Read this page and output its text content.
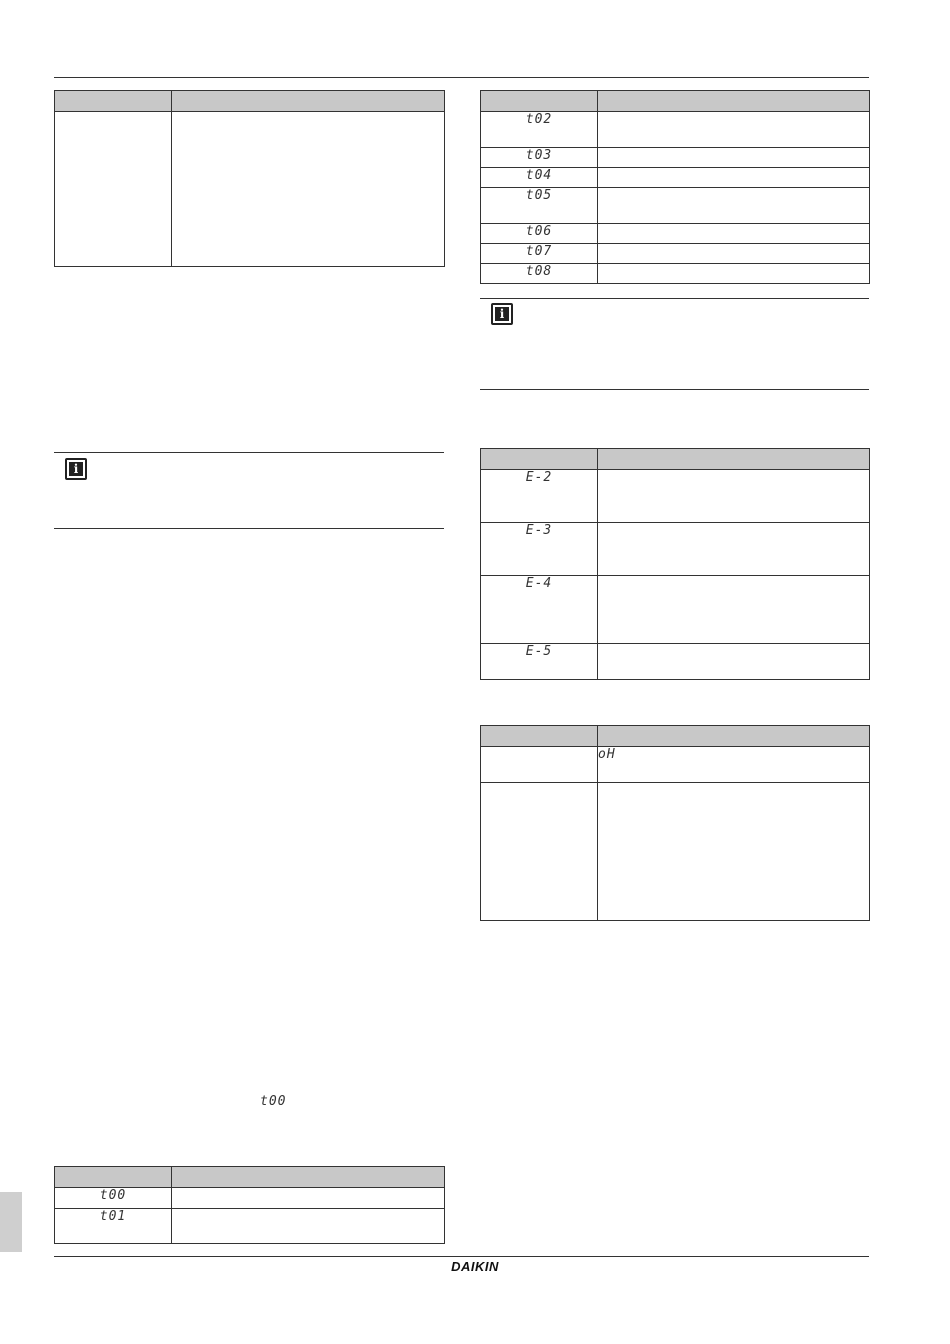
DAIKIN

i
t00

t00	
t01	

t02	
t03	
t04	
t05	
t06	
t07	
t08	
i

E-2	
E-3	
E-4	
E-5	

	oH
